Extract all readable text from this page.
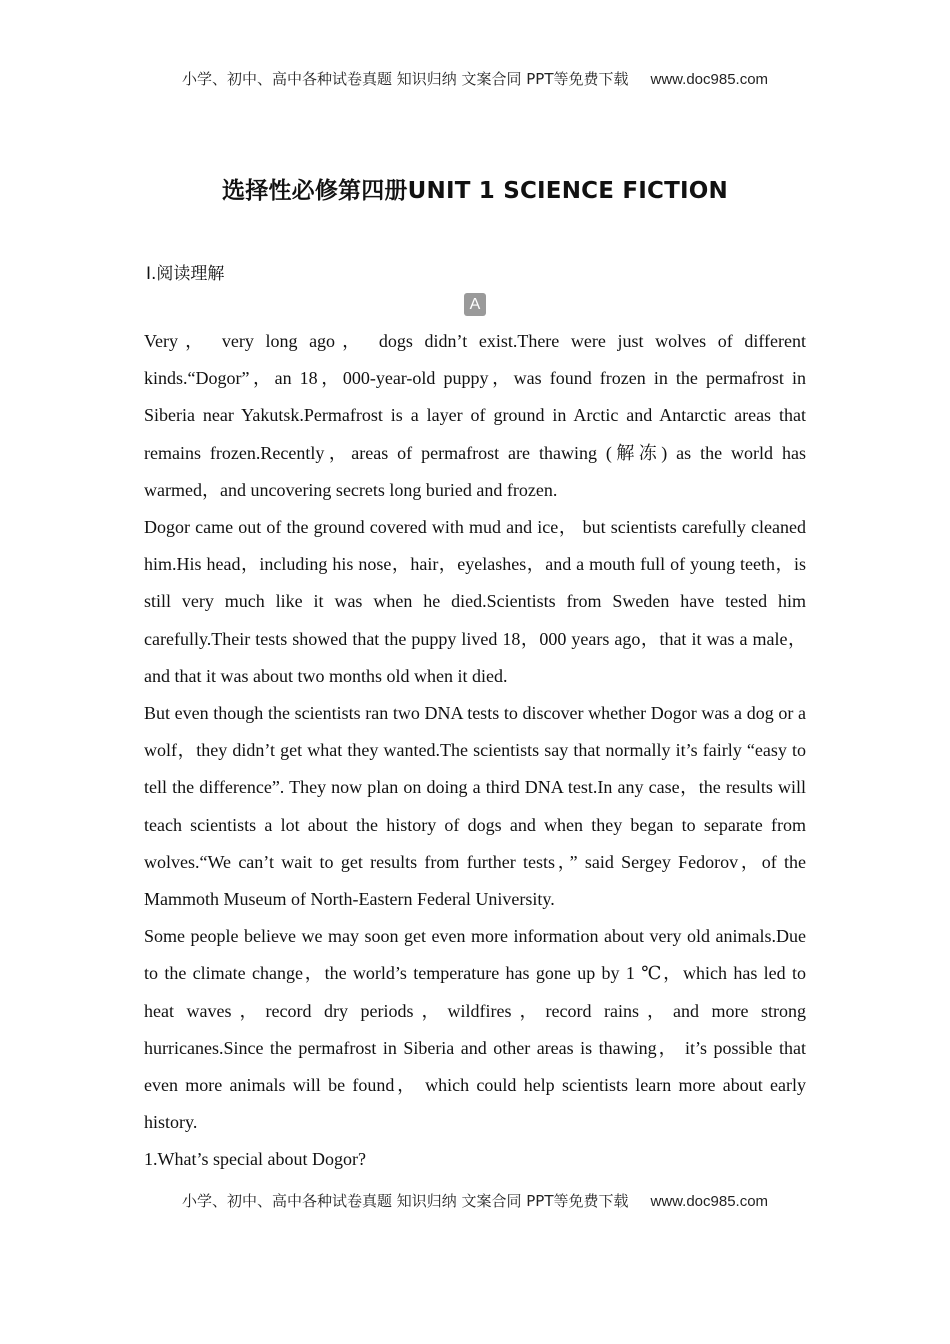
小学、初中、高中各种试卷真题 知识归纳 文案合同 PPT等免费下载 www.doc985.com
选择性必修第四册UNIT 1 SCIENCE FICTION
Ⅰ.阅读理解
A

Very， very long ago， dogs didn’t exist.There were just wolves of different kinds.“Dogor”，an 18，000-year-old puppy，was found frozen in the permafrost in Siberia near Yakutsk.Permafrost is a layer of ground in Arctic and Antarctic areas that remains frozen.Recently，areas of permafrost are thawing (解冻) as the world has warmed，and uncovering secrets long buried and frozen.

Dogor came out of the ground covered with mud and ice， but scientists carefully cleaned him.His head，including his nose，hair，eyelashes，and a mouth full of young teeth，is still very much like it was when he died.Scientists from Sweden have tested him carefully.Their tests showed that the puppy lived 18，000 years ago，that it was a male，and that it was about two months old when it died.

But even though the scientists ran two DNA tests to discover whether Dogor was a dog or a wolf，they didn’t get what they wanted.The scientists say that normally it’s fairly “easy to tell the difference”. They now plan on doing a third DNA test.In any case，the results will teach scientists a lot about the history of dogs and when they began to separate from wolves.“We can’t wait to get results from further tests，” said Sergey Fedorov，of the Mammoth Museum of North-Eastern Federal University.

Some people believe we may soon get even more information about very old animals.Due to the climate change，the world’s temperature has gone up by 1 ℃，which has led to heat waves，record dry periods，wildfires，record rains，and more strong hurricanes.Since the permafrost in Siberia and other areas is thawing， it’s possible that even more animals will be found， which could help scientists learn more about early history.

1.What’s special about Dogor?
小学、初中、高中各种试卷真题 知识归纳 文案合同 PPT等免费下载 www.doc985.com
